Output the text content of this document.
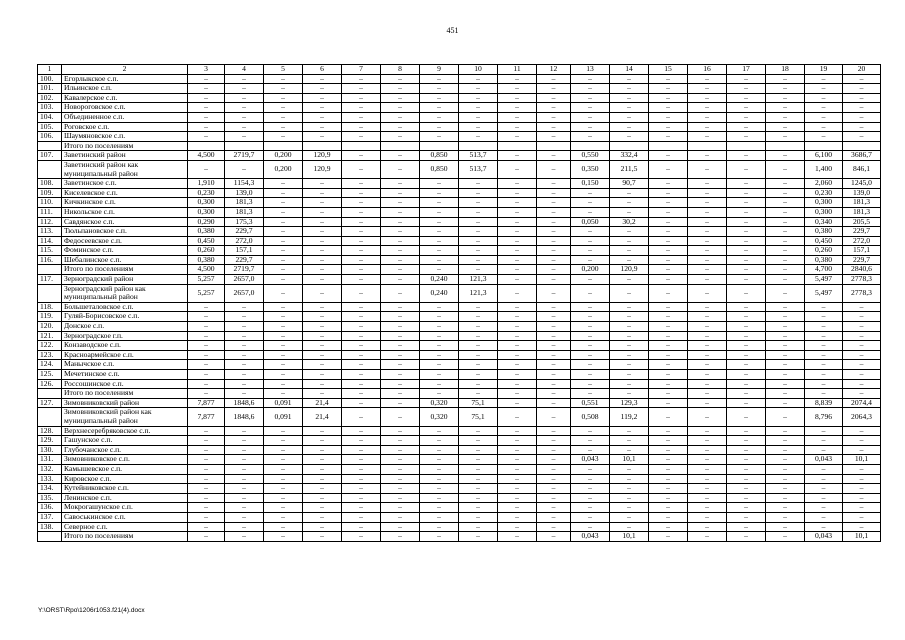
451
1	2	3	4	5	6	7	8	9	10	11	12	13	14	15	16	17	18	19	20
100.	Егорлыкское с.п.	–	–	–	–	–	–	–	–	–	–	–	–	–	–	–	–	–	–
101.	Ильинское с.п.	–	–	–	–	–	–	–	–	–	–	–	–	–	–	–	–	–	–
102.	Кавалерское с.п.	–	–	–	–	–	–	–	–	–	–	–	–	–	–	–	–	–	–
103.	Новороговское с.п.	–	–	–	–	–	–	–	–	–	–	–	–	–	–	–	–	–	–
104.	Объединенное с.п.	–	–	–	–	–	–	–	–	–	–	–	–	–	–	–	–	–	–
105.	Роговское с.п.	–	–	–	–	–	–	–	–	–	–	–	–	–	–	–	–	–	–
106.	Шаумяновское с.п.	–	–	–	–	–	–	–	–	–	–	–	–	–	–	–	–	–	–
	Итого по поселениям																		
107.	Заветинский район	4,500	2719,7	0,200	120,9	–	–	0,850	513,7	–	–	0,550	332,4	–	–	–	–	6,100	3686,7
	Заветинский район как муниципальный район	–	–	0,200	120,9	–	–	0,850	513,7	–	–	0,350	211,5	–	–	–	–	1,400	846,1
108.	Заветинское с.п.	1,910	1154,3	–	–	–	–	–	–	–	–	0,150	90,7	–	–	–	–	2,060	1245,0
109.	Киселевское с.п.	0,230	139,0	–	–	–	–	–	–	–	–	–	–	–	–	–	–	0,230	139,0
110.	Кичкинское с.п.	0,300	181,3	–	–	–	–	–	–	–	–	–	–	–	–	–	–	0,300	181,3
111.	Никольское с.п.	0,300	181,3	–	–	–	–	–	–	–	–	–	–	–	–	–	–	0,300	181,3
112.	Савдянское с.п.	0,290	175,3	–	–	–	–	–	–	–	–	0,050	30,2	–	–	–	–	0,340	205,5
113.	Тюльпановское с.п.	0,380	229,7	–	–	–	–	–	–	–	–	–	–	–	–	–	–	0,380	229,7
114.	Федосеевское с.п.	0,450	272,0	–	–	–	–	–	–	–	–	–	–	–	–	–	–	0,450	272,0
115.	Фоминское с.п.	0,260	157,1	–	–	–	–	–	–	–	–	–	–	–	–	–	–	0,260	157,1
116.	Шебалинское с.п.	0,380	229,7	–	–	–	–	–	–	–	–	–	–	–	–	–	–	0,380	229,7
	Итого по поселениям	4,500	2719,7	–	–	–	–	–	–	–	–	0,200	120,9	–	–	–	–	4,700	2840,6
117.	Зерноградский район	5,257	2657,0	–	–	–	–	0,240	121,3	–	–	–	–	–	–	–	–	5,497	2778,3
	Зерноградский район как муниципальный район	5,257	2657,0	–	–	–	–	0,240	121,3	–	–	–	–	–	–	–	–	5,497	2778,3
118.	Большеталовское с.п.	–	–	–	–	–	–	–	–	–	–	–	–	–	–	–	–	–	–
119.	Гуляй-Борисовское с.п.	–	–	–	–	–	–	–	–	–	–	–	–	–	–	–	–	–	–
120.	Донское с.п.	–	–	–	–	–	–	–	–	–	–	–	–	–	–	–	–	–	–
121.	Зерноградское г.п.	–	–	–	–	–	–	–	–	–	–	–	–	–	–	–	–	–	–
122.	Конзаводское с.п.	–	–	–	–	–	–	–	–	–	–	–	–	–	–	–	–	–	–
123.	Красноармейское с.п.	–	–	–	–	–	–	–	–	–	–	–	–	–	–	–	–	–	–
124.	Манычское с.п.	–	–	–	–	–	–	–	–	–	–	–	–	–	–	–	–	–	–
125.	Мечетинское с.п.	–	–	–	–	–	–	–	–	–	–	–	–	–	–	–	–	–	–
126.	Россошинское с.п.	–	–	–	–	–	–	–	–	–	–	–	–	–	–	–	–	–	–
	Итого по поселениям	–	–	–	–	–	–	–	–	–	–	–	–	–	–	–	–	–	–
127.	Зимовниковский район	7,877	1848,6	0,091	21,4	–	–	0,320	75,1	–	–	0,551	129,3	–	–	–	–	8,839	2074,4
	Зимовниковский район как муниципальный район	7,877	1848,6	0,091	21,4	–	–	0,320	75,1	–	–	0,508	119,2	–	–	–	–	8,796	2064,3
128.	Верхнесеребряковское с.п.	–	–	–	–	–	–	–	–	–	–	–	–	–	–	–	–	–	–
129.	Гашунское с.п.	–	–	–	–	–	–	–	–	–	–	–	–	–	–	–	–	–	–
130.	Глубочанское с.п.	–	–	–	–	–	–	–	–	–	–	–	–	–	–	–	–	–	–
131.	Зимовниковское с.п.	–	–	–	–	–	–	–	–	–	–	0,043	10,1	–	–	–	–	0,043	10,1
132.	Камышевское с.п.	–	–	–	–	–	–	–	–	–	–	–	–	–	–	–	–	–	–
133.	Кировское с.п.	–	–	–	–	–	–	–	–	–	–	–	–	–	–	–	–	–	–
134.	Кутейниковское с.п.	–	–	–	–	–	–	–	–	–	–	–	–	–	–	–	–	–	–
135.	Ленинское с.п.	–	–	–	–	–	–	–	–	–	–	–	–	–	–	–	–	–	–
136.	Мокрогашунское с.п.	–	–	–	–	–	–	–	–	–	–	–	–	–	–	–	–	–	–
137.	Савоськинское с.п.	–	–	–	–	–	–	–	–	–	–	–	–	–	–	–	–	–	–
138.	Северное с.п.	–	–	–	–	–	–	–	–	–	–	–	–	–	–	–	–	–	–
	Итого по поселениям	–	–	–	–	–	–	–	–	–	–	0,043	10,1	–	–	–	–	0,043	10,1
Y:\ORST\Rpo\1206r1053.f21(4).docx
